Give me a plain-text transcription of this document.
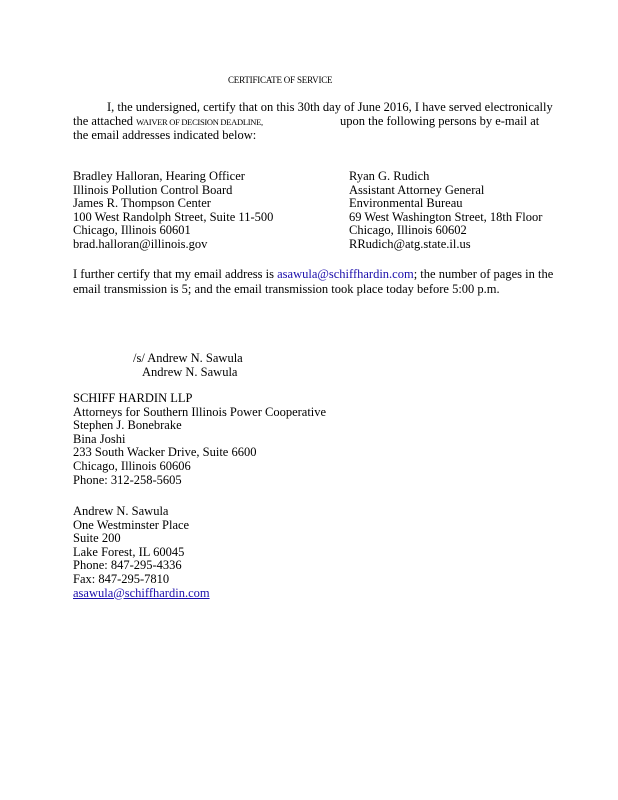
CERTIFICATE OF SERVICE
I, the undersigned, certify that on this 30th day of June 2016, I have served electronically
the attached WAIVER OF DECISION DEADLINE,	upon the following persons by e-mail at
the email addresses indicated below:
Bradley Halloran, Hearing Officer
Illinois Pollution Control Board
James R. Thompson Center
100 West Randolph Street, Suite 11-500
Chicago, Illinois 60601
brad.halloran@illinois.gov
Ryan G. Rudich
Assistant Attorney General
Environmental Bureau
69 West Washington Street, 18th Floor
Chicago, Illinois 60602
RRudich@atg.state.il.us
I further certify that my email address is asawula@schiffhardin.com; the number of pages in the
email transmission is 5; and the email transmission took place today before 5:00 p.m.
/s/ Andrew N. Sawula
Andrew N. Sawula
SCHIFF HARDIN LLP
Attorneys for Southern Illinois Power Cooperative
Stephen J. Bonebrake
Bina Joshi
233 South Wacker Drive, Suite 6600
Chicago, Illinois 60606
Phone: 312-258-5605
Andrew N. Sawula
One Westminster Place
Suite 200
Lake Forest, IL 60045
Phone: 847-295-4336
Fax: 847-295-7810
asawula@schiffhardin.com
